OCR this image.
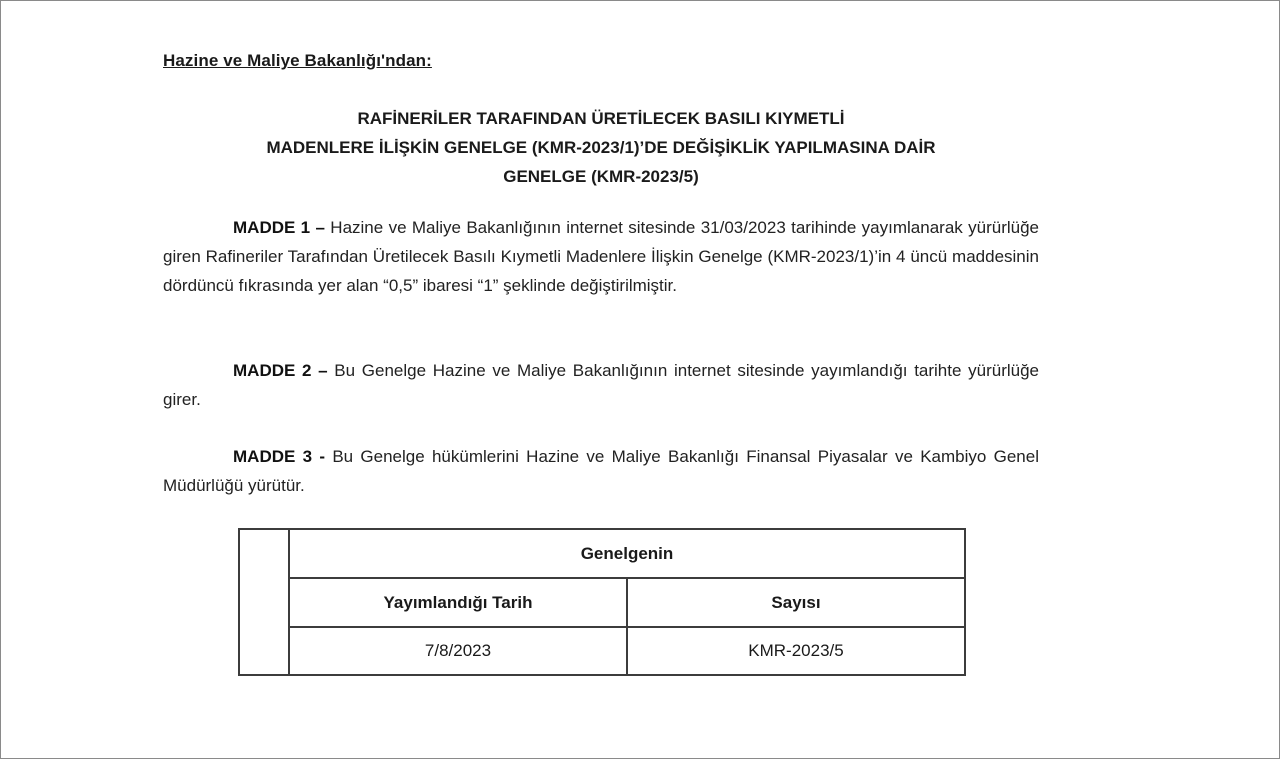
Hazine ve Maliye Bakanlığı'ndan:
RAFİNERİLER TARAFINDAN ÜRETİLECEK BASILI KIYMETLİ
MADENLERE İLİŞKİN GENELGE (KMR-2023/1)’DE DEĞİŞİKLİK YAPILMASINA DAİR
GENELGE (KMR-2023/5)

MADDE 1 – Hazine ve Maliye Bakanlığının internet sitesinde 31/03/2023 tarihinde yayımlanarak yürürlüğe giren Rafineriler Tarafından Üretilecek Basılı Kıymetli Madenlere İlişkin Genelge (KMR-2023/1)’in 4 üncü maddesinin dördüncü fıkrasında yer alan “0,5” ibaresi “1” şeklinde değiştirilmiştir.

MADDE 2 – Bu Genelge Hazine ve Maliye Bakanlığının internet sitesinde yayımlandığı tarihte yürürlüğe girer.

MADDE 3 - Bu Genelge hükümlerini Hazine ve Maliye Bakanlığı Finansal Piyasalar ve Kambiyo Genel Müdürlüğü yürütür.

	Genelgenin	
	Yayımlandığı Tarih	Sayısı
	7/8/2023	KMR-2023/5
